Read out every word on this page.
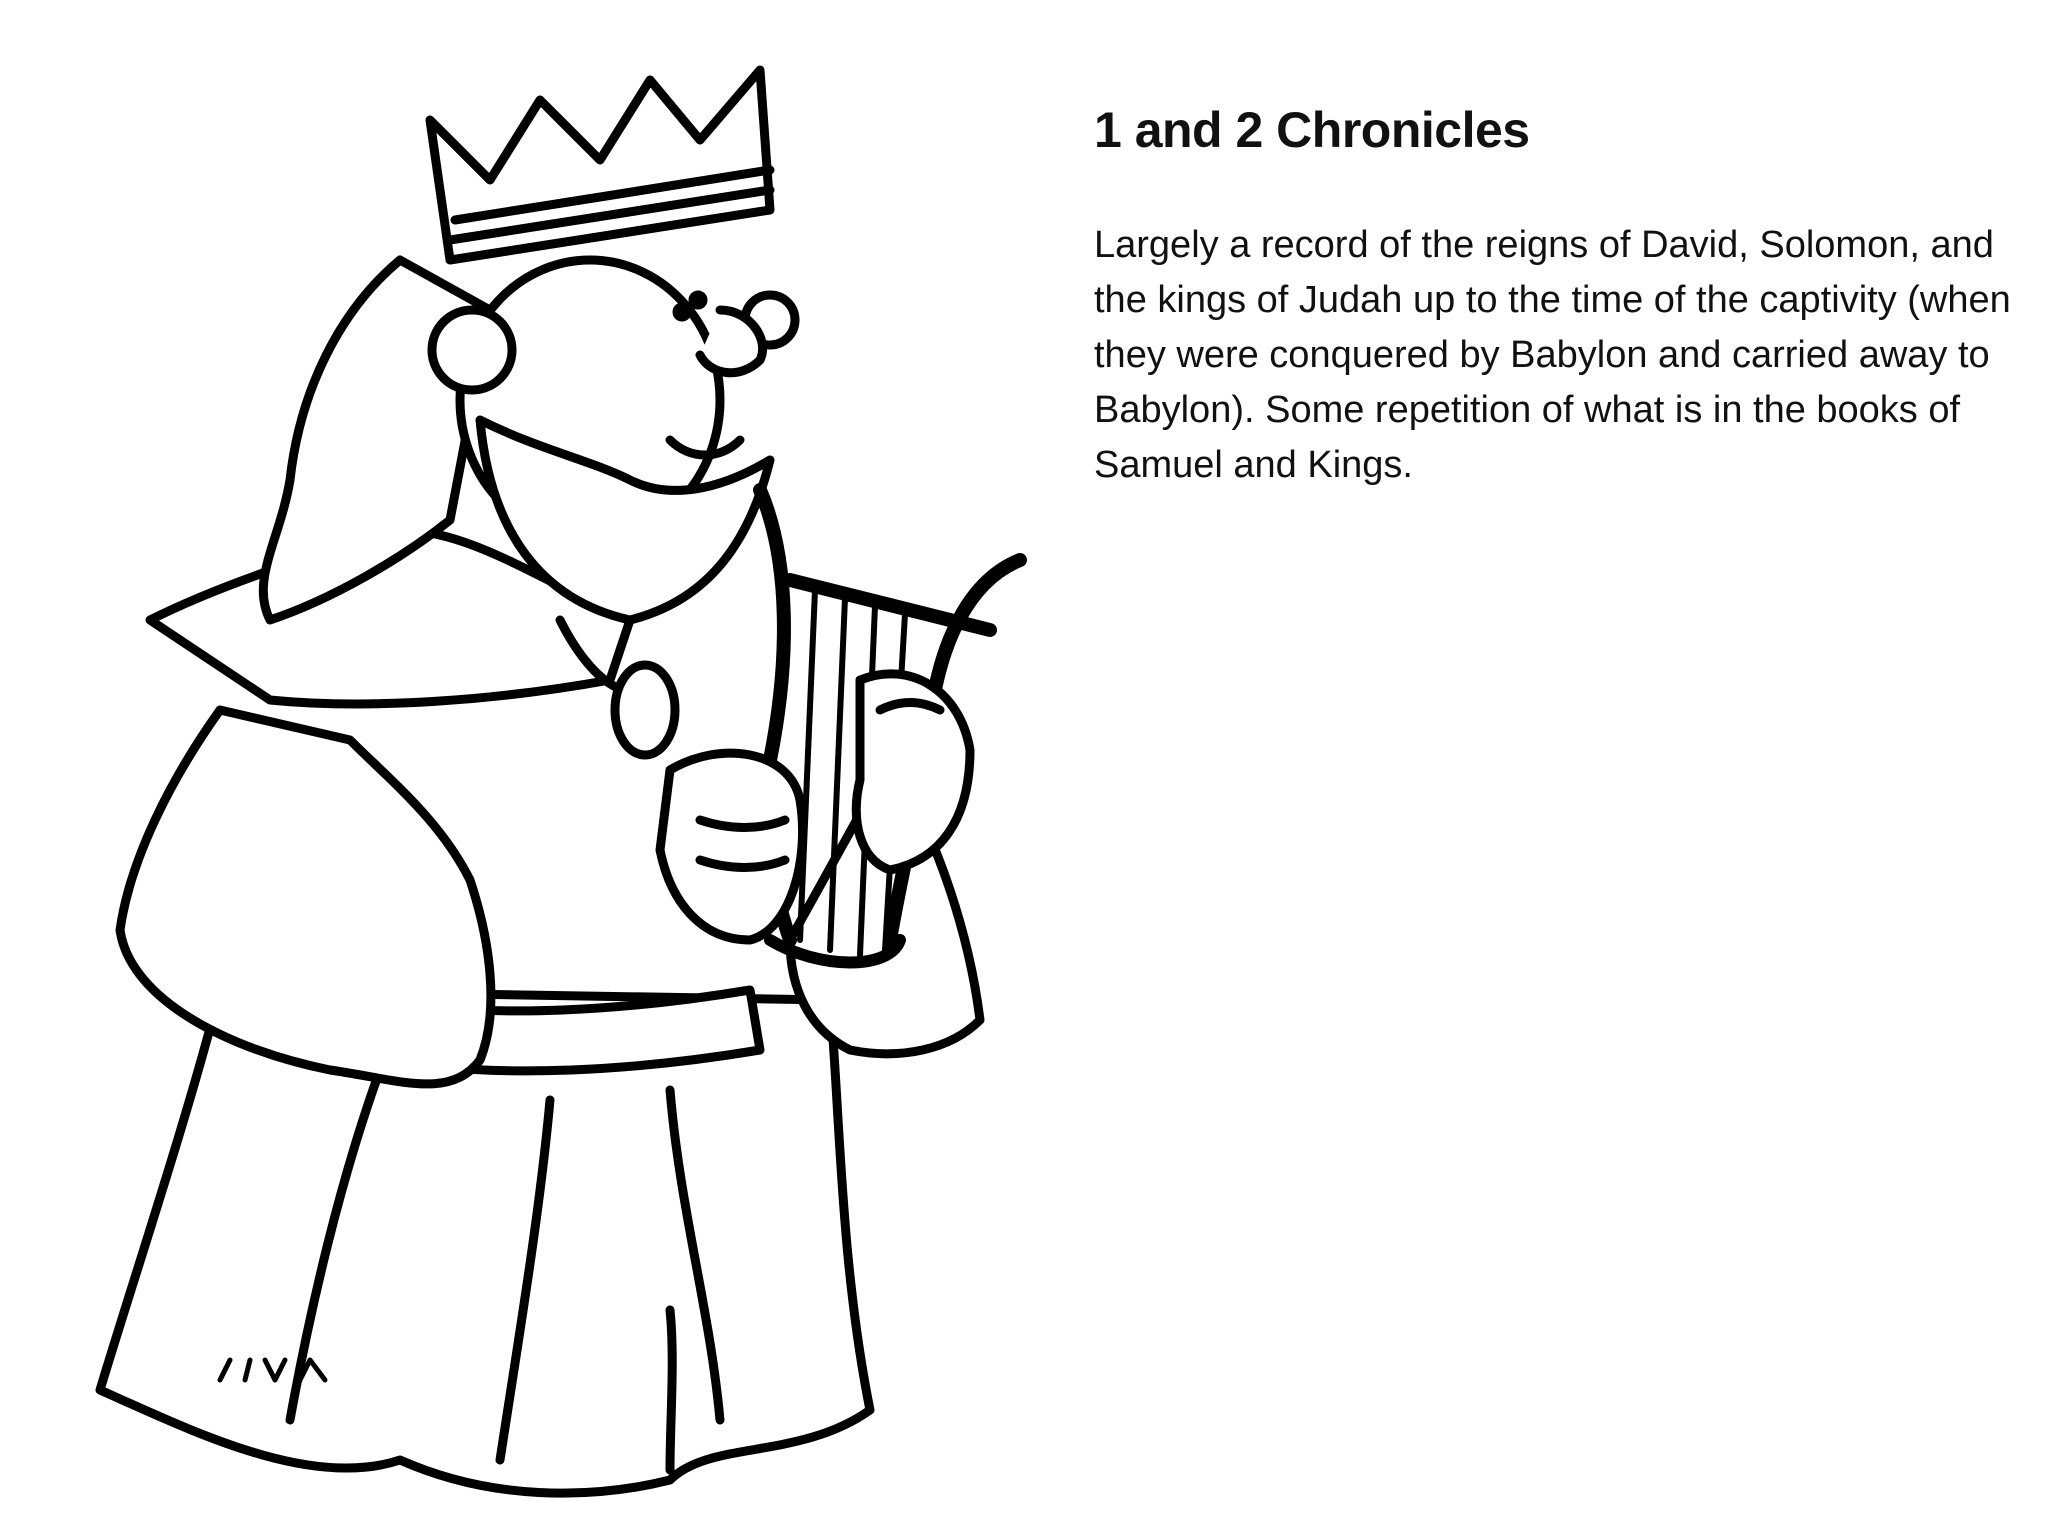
1 and 2 Chronicles

Largely a record of the reigns of David, Solomon, and the kings of Judah up to the time of the captivity (when they were conquered by Babylon and carried away to Babylon). Some repetition of what is in the books of Samuel and Kings.
